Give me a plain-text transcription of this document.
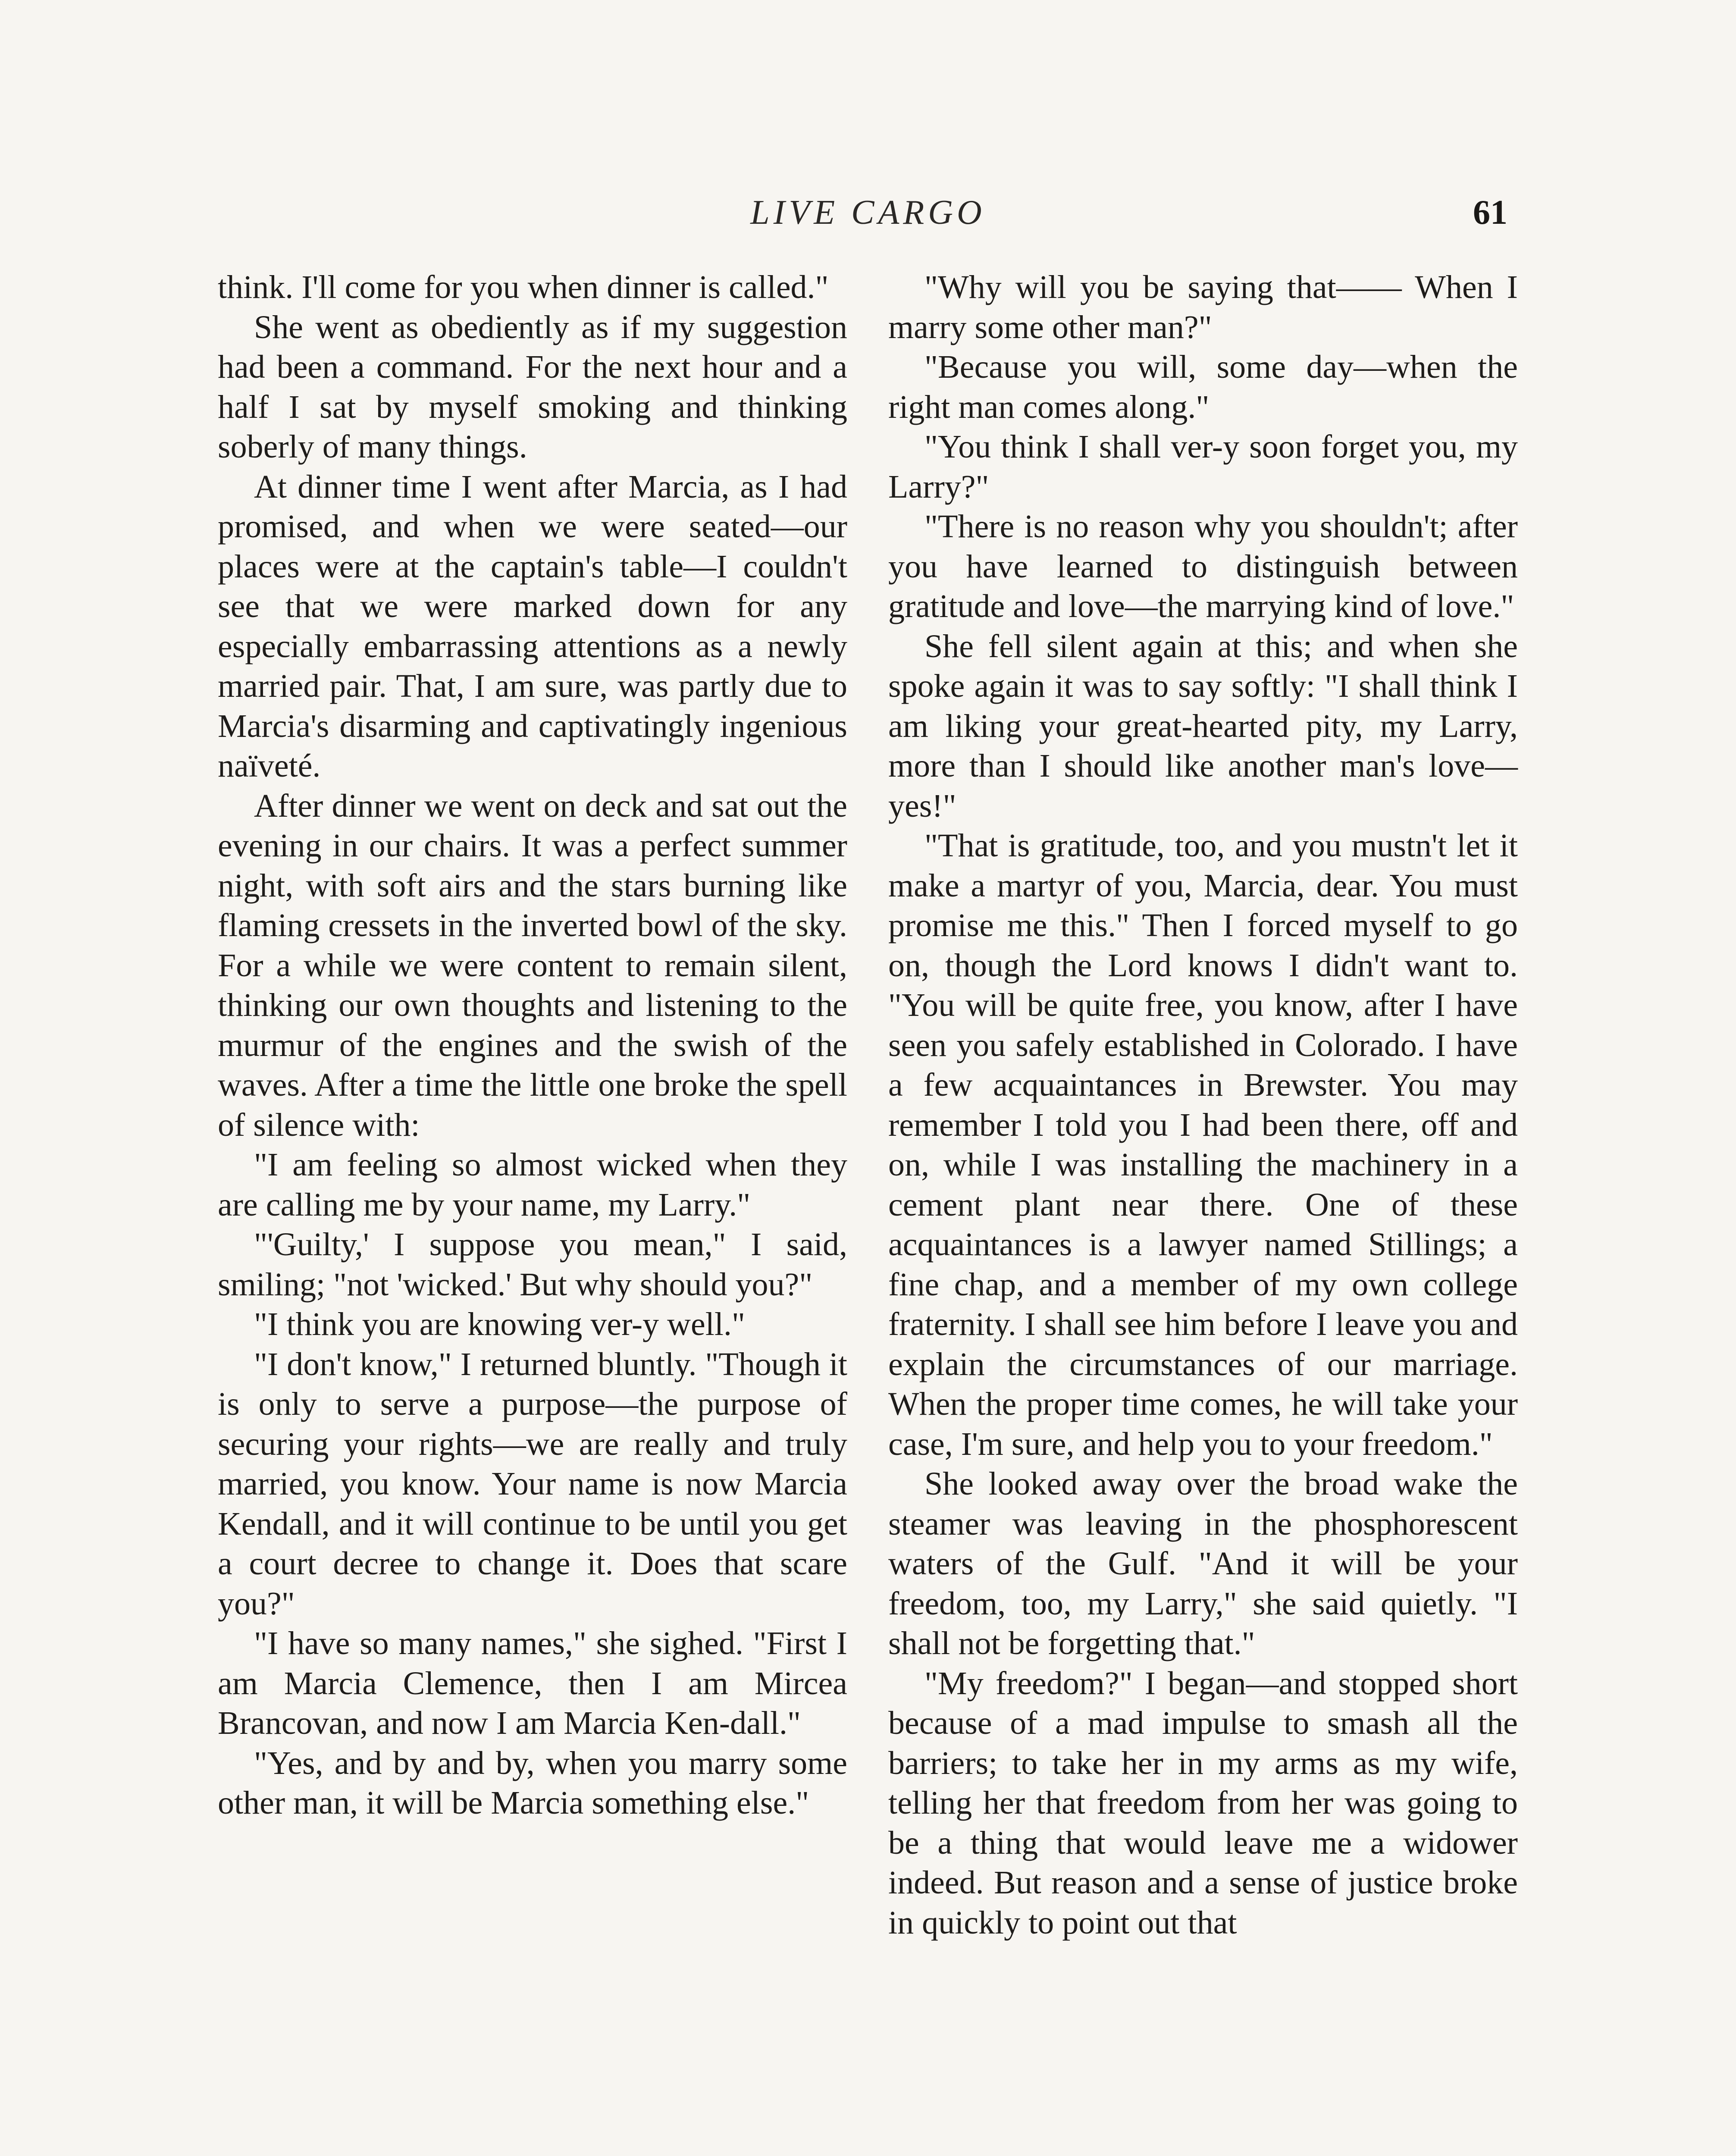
LIVE CARGO	61

think. I'll come for you when dinner is called."

She went as obediently as if my suggestion had been a command. For the next hour and a half I sat by myself smoking and thinking soberly of many things.

At dinner time I went after Marcia, as I had promised, and when we were seated—our places were at the captain's table—I couldn't see that we were marked down for any especially embarrassing attentions as a newly married pair. That, I am sure, was partly due to Marcia's disarming and captivatingly ingenious naïveté.

After dinner we went on deck and sat out the evening in our chairs. It was a perfect summer night, with soft airs and the stars burning like flaming cressets in the inverted bowl of the sky. For a while we were content to remain silent, thinking our own thoughts and listening to the murmur of the engines and the swish of the waves. After a time the little one broke the spell of silence with:

"I am feeling so almost wicked when they are calling me by your name, my Larry."

"'Guilty,' I suppose you mean," I said, smiling; "not 'wicked.' But why should you?"

"I think you are knowing ver-y well."

"I don't know," I returned bluntly. "Though it is only to serve a purpose—the purpose of securing your rights—we are really and truly married, you know. Your name is now Marcia Kendall, and it will continue to be until you get a court decree to change it. Does that scare you?"

"I have so many names," she sighed. "First I am Marcia Clemence, then I am Mircea Brancovan, and now I am Marcia Ken-dall."

"Yes, and by and by, when you marry some other man, it will be Marcia something else."

"Why will you be saying that—— When I marry some other man?"

"Because you will, some day—when the right man comes along."

"You think I shall ver-y soon forget you, my Larry?"

"There is no reason why you shouldn't; after you have learned to distinguish between gratitude and love—the marrying kind of love."

She fell silent again at this; and when she spoke again it was to say softly: "I shall think I am liking your great-hearted pity, my Larry, more than I should like another man's love—yes!"

"That is gratitude, too, and you mustn't let it make a martyr of you, Marcia, dear. You must promise me this." Then I forced myself to go on, though the Lord knows I didn't want to. "You will be quite free, you know, after I have seen you safely established in Colorado. I have a few acquaintances in Brewster. You may remember I told you I had been there, off and on, while I was installing the machinery in a cement plant near there. One of these acquaintances is a lawyer named Stillings; a fine chap, and a member of my own college fraternity. I shall see him before I leave you and explain the circumstances of our marriage. When the proper time comes, he will take your case, I'm sure, and help you to your freedom."

She looked away over the broad wake the steamer was leaving in the phosphorescent waters of the Gulf. "And it will be your freedom, too, my Larry," she said quietly. "I shall not be forgetting that."

"My freedom?" I began—and stopped short because of a mad impulse to smash all the barriers; to take her in my arms as my wife, telling her that freedom from her was going to be a thing that would leave me a widower indeed. But reason and a sense of justice broke in quickly to point out that
